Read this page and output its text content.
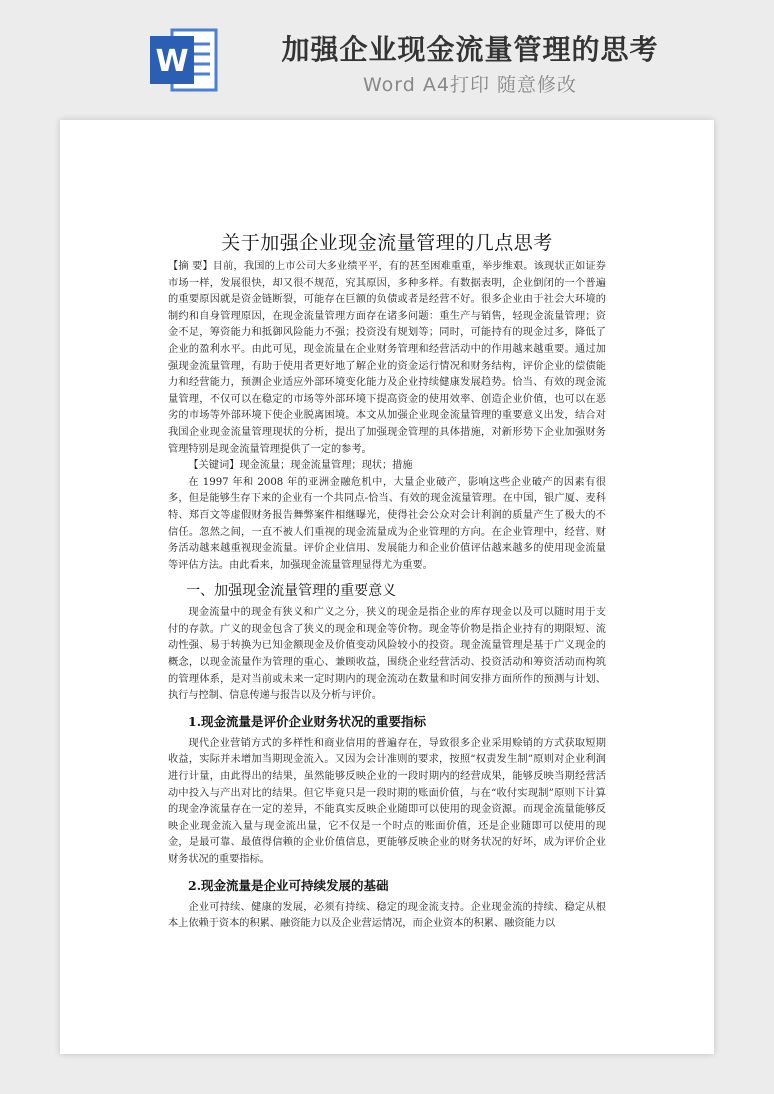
W	加强企业现金流量管理的思考
Word A4打印 随意修改
关于加强企业现金流量管理的几点思考

【摘 要】目前，我国的上市公司大多业绩平平，有的甚至困难重重，举步维艰。该现状正如证券市场一样，发展很快，却又很不规范，究其原因，多种多样。有数据表明，企业倒闭的一个普遍的重要原因就是资金链断裂，可能存在巨额的负债或者是经营不好。很多企业由于社会大环境的制约和自身管理原因，在现金流量管理方面存在诸多问题：重生产与销售，轻现金流量管理；资金不足，筹资能力和抵御风险能力不强；投资没有规划等；同时，可能持有的现金过多，降低了企业的盈利水平。由此可见，现金流量在企业财务管理和经营活动中的作用越来越重要。通过加强现金流量管理，有助于使用者更好地了解企业的资金运行情况和财务结构，评价企业的偿债能力和经营能力，预测企业适应外部环境变化能力及企业持续健康发展趋势。恰当、有效的现金流量管理，不仅可以在稳定的市场等外部环境下提高资金的使用效率、创造企业价值，也可以在恶劣的市场等外部环境下使企业脱离困境。本文从加强企业现金流量管理的重要意义出发，结合对我国企业现金流量管理现状的分析，提出了加强现金管理的具体措施，对新形势下企业加强财务管理特别是现金流量管理提供了一定的参考。

【关键词】现金流量；现金流量管理；现状；措施

在 1997 年和 2008 年的亚洲金融危机中，大量企业破产，影响这些企业破产的因素有很多，但是能够生存下来的企业有一个共同点-恰当、有效的现金流量管理。在中国，银广厦、麦科特、郑百文等虚假财务报告舞弊案件相继曝光，使得社会公众对会计利润的质量产生了极大的不信任。忽然之间，一直不被人们重视的现金流量成为企业管理的方向。在企业管理中，经营、财务活动越来越重视现金流量。评价企业信用、发展能力和企业价值评估越来越多的使用现金流量等评估方法。由此看来，加强现金流量管理显得尤为重要。

一、加强现金流量管理的重要意义

现金流量中的现金有狭义和广义之分，狭义的现金是指企业的库存现金以及可以随时用于支付的存款。广义的现金包含了狭义的现金和现金等价物。现金等价物是指企业持有的期限短、流动性强、易于转换为已知金额现金及价值变动风险较小的投资。现金流量管理是基于广义现金的概念，以现金流量作为管理的重心、兼顾收益，围绕企业经营活动、投资活动和筹资活动而构筑的管理体系，是对当前或未来一定时期内的现金流动在数量和时间安排方面所作的预测与计划、执行与控制、信息传递与报告以及分析与评价。

1.现金流量是评价企业财务状况的重要指标

现代企业营销方式的多样性和商业信用的普遍存在，导致很多企业采用赊销的方式获取短期收益，实际并未增加当期现金流入。又因为会计准则的要求，按照“权责发生制”原则对企业利润进行计量，由此得出的结果，虽然能够反映企业的一段时期内的经营成果，能够反映当期经营活动中投入与产出对比的结果。但它毕竟只是一段时期的账面价值，与在“收付实现制”原则下计算的现金净流量存在一定的差异，不能真实反映企业随即可以使用的现金资源。而现金流量能够反映企业现金流入量与现金流出量，它不仅是一个时点的账面价值，还是企业随即可以使用的现金，是最可靠、最值得信赖的企业价值信息，更能够反映企业的财务状况的好坏，成为评价企业财务状况的重要指标。

2.现金流量是企业可持续发展的基础

企业可持续、健康的发展，必须有持续、稳定的现金流支持。企业现金流的持续、稳定从根本上依赖于资本的积累、融资能力以及企业营运情况，而企业资本的积累、融资能力以
